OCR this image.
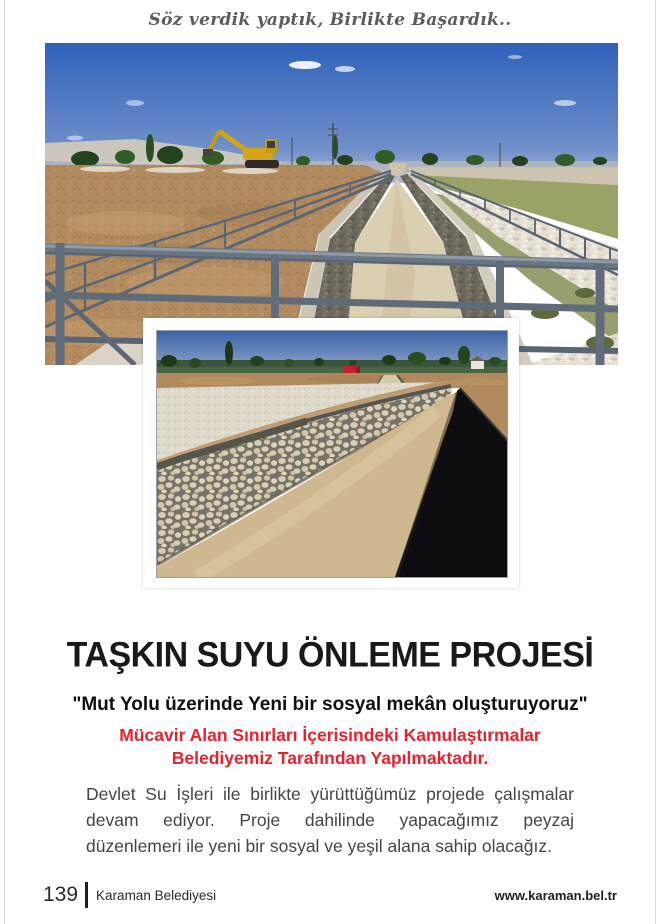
Söz verdik yaptık, Birlikte Başardık..
TAŞKIN SUYU ÖNLEME PROJESİ
"Mut Yolu üzerinde Yeni bir sosyal mekân oluşturuyoruz"
Mücavir Alan Sınırları İçerisindeki Kamulaştırmalar
Belediyemiz Tarafından Yapılmaktadır.
Devlet Su İşleri ile birlikte yürüttüğümüz projede çalışmalar devam ediyor. Proje dahilinde yapacağımız peyzaj düzenlemeri ile yeni bir sosyal ve yeşil alana sahip olacağız.
139 Karaman Belediyesi	www.karaman.bel.tr
